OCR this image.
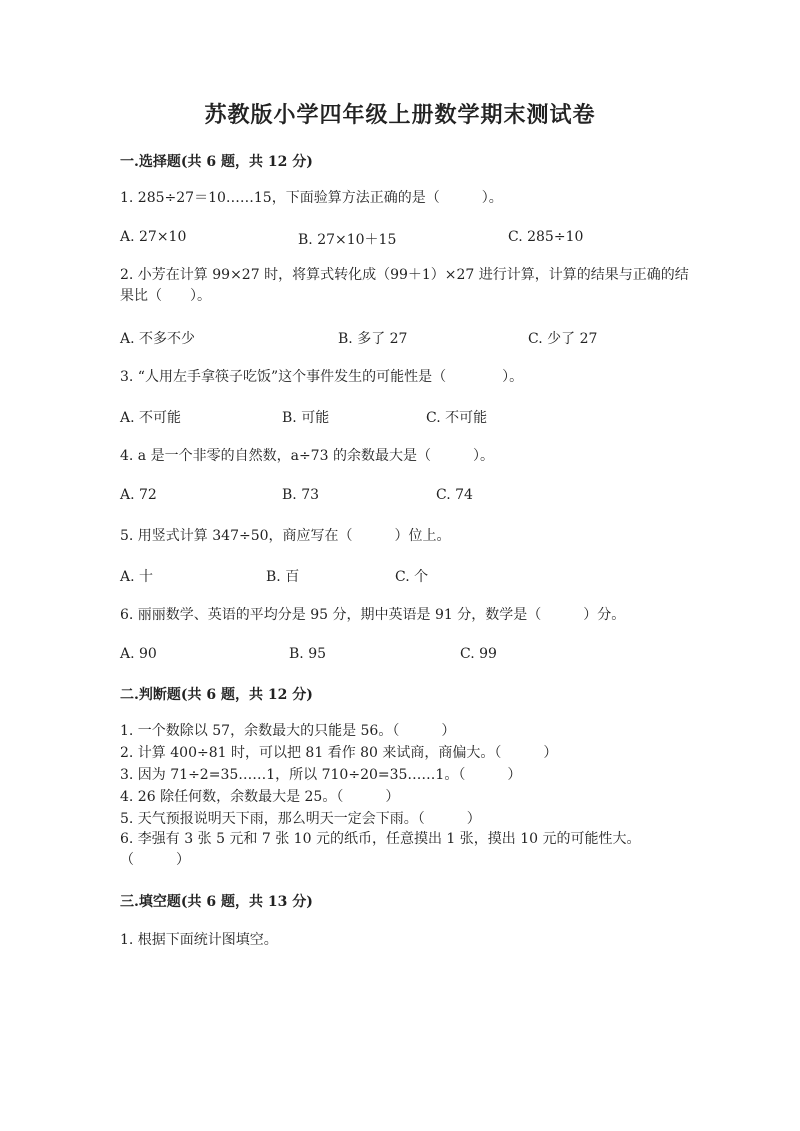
苏教版小学四年级上册数学期末测试卷
一.选择题(共 6 题，共 12 分)
1. 285÷27＝10……15，下面验算方法正确的是（　　　）。
A. 27×10	B. 27×10＋15	C. 285÷10
2. 小芳在计算 99×27 时，将算式转化成（99＋1）×27 进行计算，计算的结果与正确的结果比（　　）。
A. 不多不少	B. 多了 27	C. 少了 27
3. “人用左手拿筷子吃饭”这个事件发生的可能性是（　　　　）。
A. 不可能	B. 可能	C. 不可能
4. a 是一个非零的自然数，a÷73 的余数最大是（　　　）。
A. 72	B. 73	C. 74
5. 用竖式计算 347÷50，商应写在（　　　）位上。
A. 十	B. 百	C. 个
6. 丽丽数学、英语的平均分是 95 分，期中英语是 91 分，数学是（　　　）分。
A. 90	B. 95	C. 99
二.判断题(共 6 题，共 12 分)
1. 一个数除以 57，余数最大的只能是 56。（　　　）
2. 计算 400÷81 时，可以把 81 看作 80 来试商，商偏大。（　　　）
3. 因为 71÷2=35……1，所以 710÷20=35……1。（　　　）
4. 26 除任何数，余数最大是 25。（　　　）
5. 天气预报说明天下雨，那么明天一定会下雨。（　　　）
6. 李强有 3 张 5 元和 7 张 10 元的纸币，任意摸出 1 张，摸出 10 元的可能性大。　　（　　　）
三.填空题(共 6 题，共 13 分)
1. 根据下面统计图填空。
